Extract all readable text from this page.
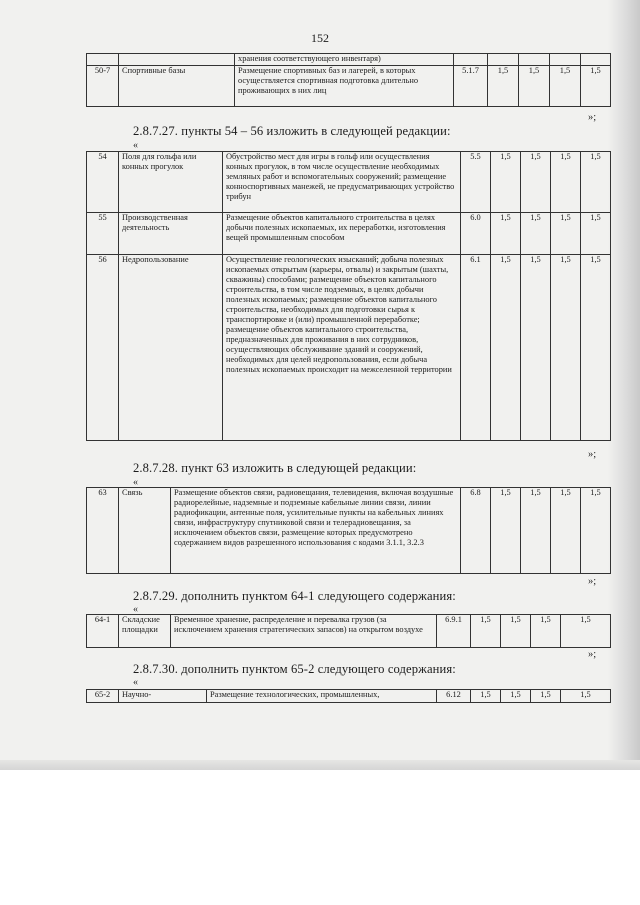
152
		хранения соответствующего инвентаря)					
50-7	Спортивные базы	Размещение спортивных баз и лагерей, в которых осуществляется спортивная подготовка длительно проживающих в них лиц	5.1.7	1,5	1,5	1,5	1,5
»;
2.8.7.27. пункты 54 – 56 изложить в следующей редакции:
«
54	Поля для гольфа или конных прогулок	Обустройство мест для игры в гольф или осуществления конных прогулок, в том числе осуществление необходимых земляных работ и вспомогательных сооружений; размещение конноспортивных манежей, не предусматривающих устройство трибун	5.5	1,5	1,5	1,5	1,5
55	Производственная деятельность	Размещение объектов капитального строительства в целях добычи полезных ископаемых, их переработки, изготовления вещей промышленным способом	6.0	1,5	1,5	1,5	1,5
56	Недропользование	Осуществление геологических изысканий; добыча полезных ископаемых открытым (карьеры, отвалы) и закрытым (шахты, скважины) способами; размещение объектов капитального строительства, в том числе подземных, в целях добычи полезных ископаемых; размещение объектов капитального строительства, необходимых для подготовки сырья к транспортировке и (или) промышленной переработке; размещение объектов капитального строительства, предназначенных для проживания в них сотрудников, осуществляющих обслуживание зданий и сооружений, необходимых для целей недропользования, если добыча полезных ископаемых происходит на межселенной территории	6.1	1,5	1,5	1,5	1,5
»;
2.8.7.28. пункт 63 изложить в следующей редакции:
«
63	Связь	Размещение объектов связи, радиовещания, телевидения, включая воздушные радиорелейные, надземные и подземные кабельные линии связи, линии радиофикации, антенные поля, усилительные пункты на кабельных линиях связи, инфраструктуру спутниковой связи и телерадиовещания, за исключением объектов связи, размещение которых предусмотрено содержанием видов разрешенного использования с кодами 3.1.1, 3.2.3	6.8	1,5	1,5	1,5	1,5
»;
2.8.7.29. дополнить пунктом 64-1 следующего содержания:
«
64-1	Складские площадки	Временное хранение, распределение и перевалка грузов (за исключением хранения стратегических запасов) на открытом воздухе	6.9.1	1,5	1,5	1,5	1,5
»;
2.8.7.30. дополнить пунктом 65-2 следующего содержания:
«
65-2	Научно-	Размещение технологических, промышленных,	6.12	1,5	1,5	1,5	1,5
